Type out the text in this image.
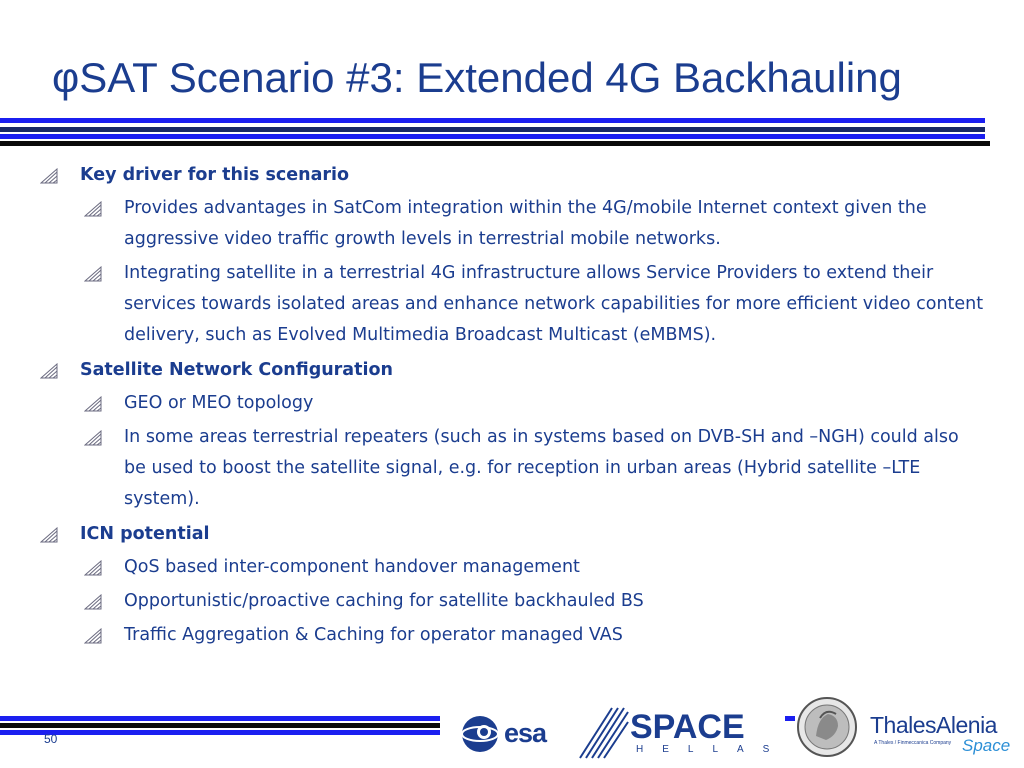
φSAT Scenario #3: Extended 4G Backhauling
Key driver for this scenario
Provides advantages in SatCom integration within the 4G/mobile Internet context given the aggressive video traffic growth levels in terrestrial mobile networks.
Integrating satellite in a terrestrial 4G infrastructure allows Service Providers to extend their services towards isolated areas and enhance network capabilities for more efficient video content delivery, such as Evolved Multimedia Broadcast Multicast (eMBMS).
Satellite Network Configuration
GEO or MEO topology
In some areas terrestrial repeaters (such as in systems based on DVB-SH and –NGH) could also be used to boost the satellite signal, e.g. for reception in urban areas (Hybrid satellite –LTE system).
ICN potential
QoS based inter-component handover management
Opportunistic/proactive caching for satellite backhauled BS
Traffic Aggregation & Caching for operator managed VAS
50	esa SPACE
HELLAS
ThalesAlenia
A Thales / Finmeccanica Company Space
